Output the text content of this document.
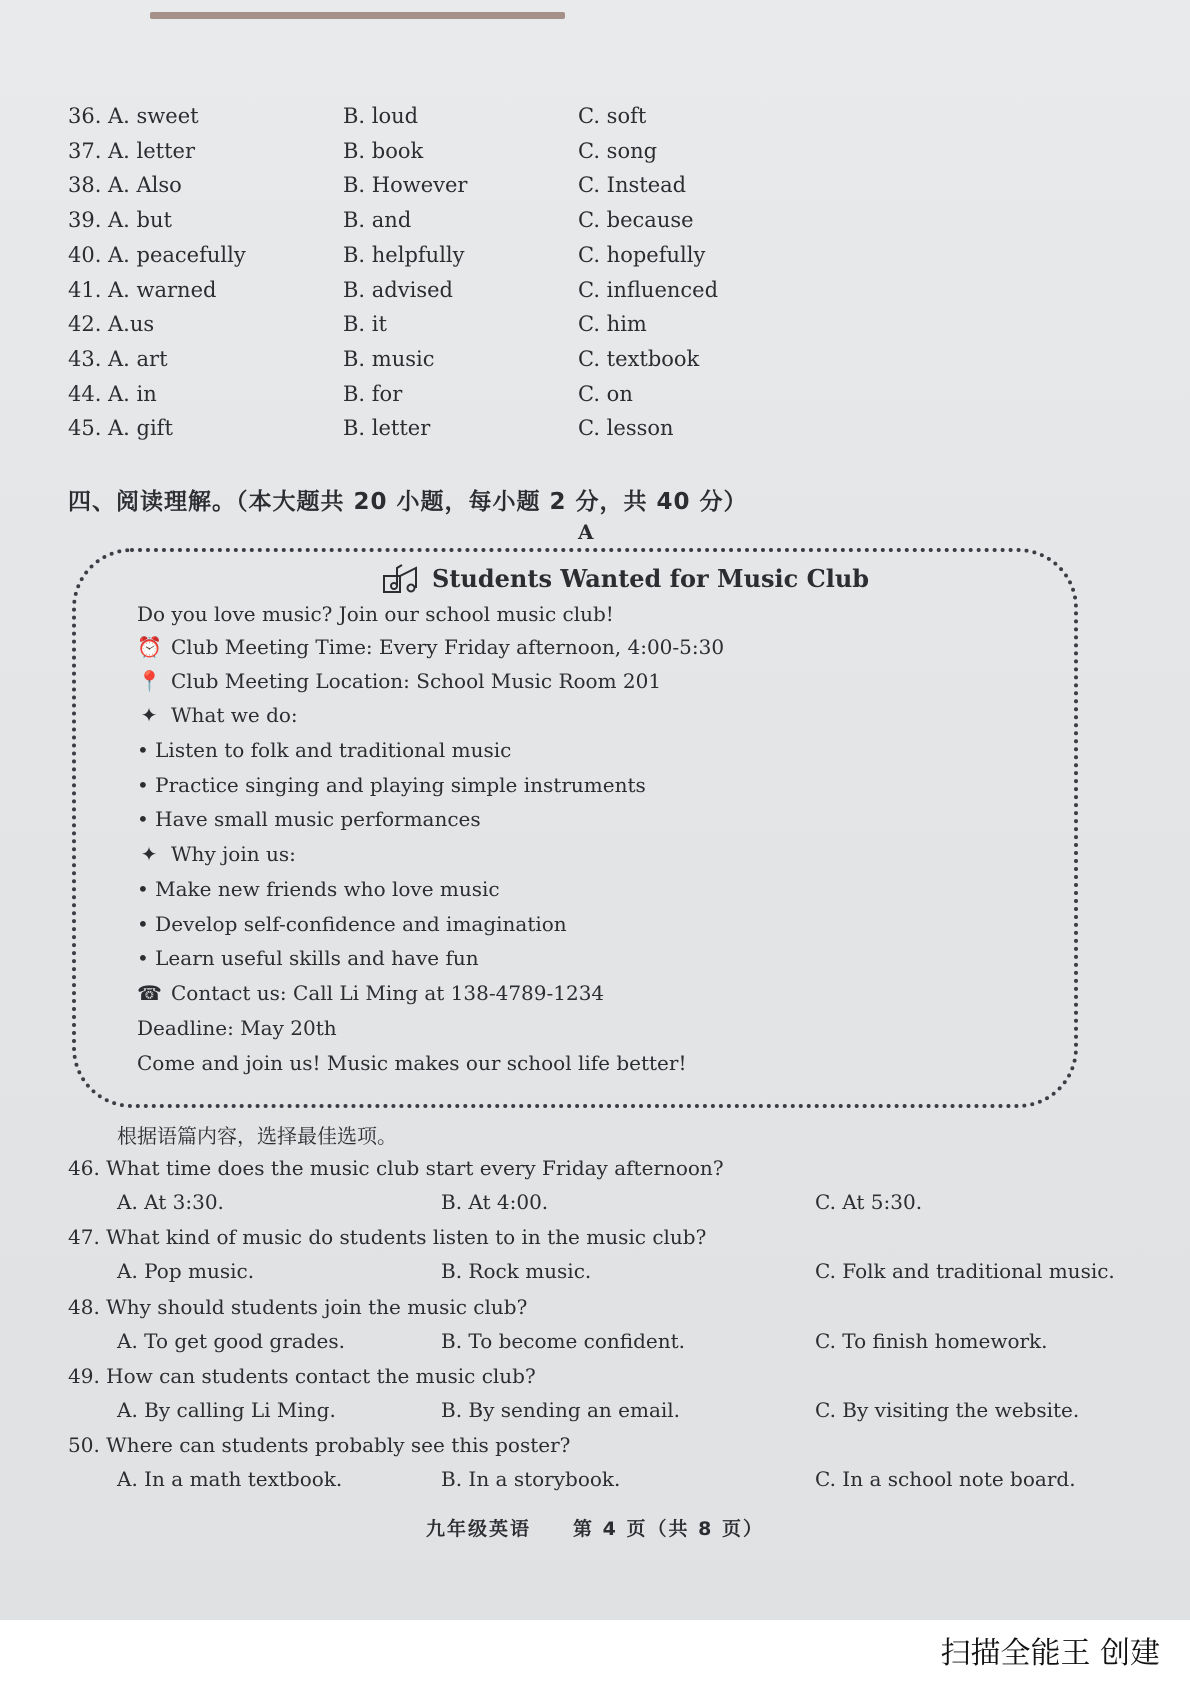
36. A. sweet	B. loud	C. soft
37. A. letter	B. book	C. song
38. A. Also	B. However	C. Instead
39. A. but	B. and	C. because
40. A. peacefully	B. helpfully	C. hopefully
41. A. warned	B. advised	C. influenced
42. A.us	B. it	C. him
43. A. art	B. music	C. textbook
44. A. in	B. for	C. on
45. A. gift	B. letter	C. lesson
四、阅读理解。（本大题共 20 小题，每小题 2 分，共 40 分）
A
Students Wanted for Music Club
Do you love music? Join our school music club!
⏰ Club Meeting Time: Every Friday afternoon, 4:00-5:30
📍 Club Meeting Location: School Music Room 201
✦ What we do:
• Listen to folk and traditional music
• Practice singing and playing simple instruments
• Have small music performances
✦ Why join us:
• Make new friends who love music
• Develop self-confidence and imagination
• Learn useful skills and have fun
☎ Contact us: Call Li Ming at 138-4789-1234
Deadline: May 20th
Come and join us! Music makes our school life better!
根据语篇内容，选择最佳选项。
46. What time does the music club start every Friday afternoon?
A. At 3:30.	B. At 4:00.	C. At 5:30.
47. What kind of music do students listen to in the music club?
A. Pop music.	B. Rock music.	C. Folk and traditional music.
48. Why should students join the music club?
A. To get good grades.	B. To become confident.	C. To finish homework.
49. How can students contact the music club?
A. By calling Li Ming.	B. By sending an email.	C. By visiting the website.
50. Where can students probably see this poster?
A. In a math textbook.	B. In a storybook.	C. In a school note board.
九年级英语　　第 4 页（共 8 页）
扫描全能王 创建
